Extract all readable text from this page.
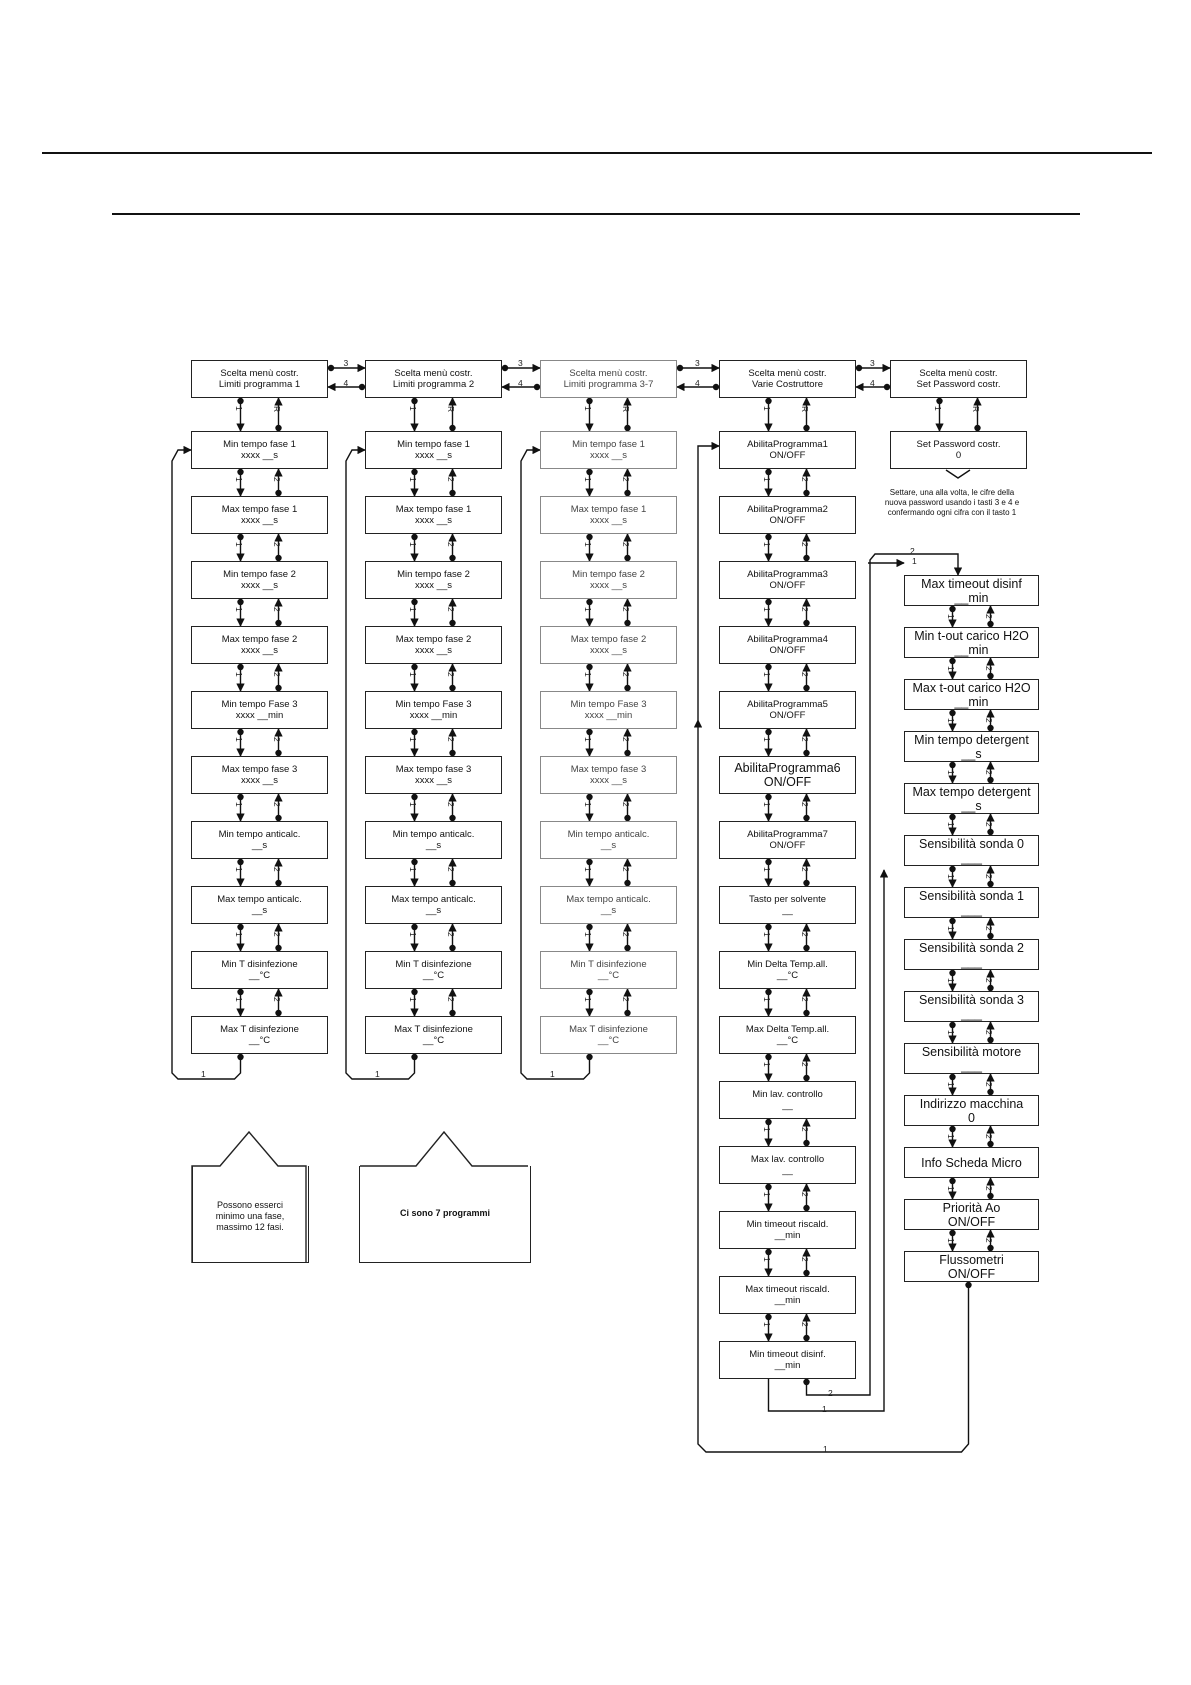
Scelta menù costr.
Limiti programma 1
Scelta menù costr.
Limiti programma 2
Scelta menù costr.
Limiti programma 3-7
Scelta menù costr.
Varie Costruttore
Scelta menù costr.
Set Password costr.
Min tempo fase 1
xxxx __s
Max tempo fase 1
xxxx __s
Min tempo fase 2
xxxx __s
Max tempo fase 2
xxxx __s
Min tempo Fase 3
xxxx __min
Max tempo fase 3
xxxx __s
Min tempo anticalc.
__s
Max tempo anticalc.
__s
Min T disinfezione
__°C
Max T disinfezione
__°C
Min tempo fase 1
xxxx __s
Max tempo fase 1
xxxx __s
Min tempo fase 2
xxxx __s
Max tempo fase 2
xxxx __s
Min tempo Fase 3
xxxx __min
Max tempo fase 3
xxxx __s
Min tempo anticalc.
__s
Max tempo anticalc.
__s
Min T disinfezione
__°C
Max T disinfezione
__°C
Min tempo fase 1
xxxx __s
Max tempo fase 1
xxxx __s
Min tempo fase 2
xxxx __s
Max tempo fase 2
xxxx __s
Min tempo Fase 3
xxxx __min
Max tempo fase 3
xxxx __s
Min tempo anticalc.
__s
Max tempo anticalc.
__s
Min T disinfezione
__°C
Max T disinfezione
__°C
AbilitaProgramma1
ON/OFF
AbilitaProgramma2
ON/OFF
AbilitaProgramma3
ON/OFF
AbilitaProgramma4
ON/OFF
AbilitaProgramma5
ON/OFF
AbilitaProgramma6
ON/OFF
AbilitaProgramma7
ON/OFF
Tasto per solvente
__
Min Delta Temp.all.
__°C
Max Delta Temp.all.
__°C
Min lav. controllo
__
Max lav. controllo
__
Min timeout riscald.
__min
Max timeout riscald.
__min
Min timeout disinf.
__min
Set Password costr.
0
Max timeout disinf
__min
Min t-out carico H2O
__min
Max t-out carico H2O
__min
Min tempo detergent
__s
Max tempo detergent
__s
Sensibilità sonda 0
___
Sensibilità sonda 1
___
Sensibilità sonda 2
___
Sensibilità sonda 3
___
Sensibilità motore
___
Indirizzo macchina
0
Info Scheda Micro
Priorità Ao
ON/OFF
Flussometri
ON/OFF
3
4
3
4
3
4
3
4
1	R
1	2
1	2
1	2
1	2
1	2
1	2
1	2
1	2
1	2
1
1	R
1	2
1	2
1	2
1	2
1	2
1	2
1	2
1	2
1	2
1
1	R
1	2
1	2
1	2
1	2
1	2
1	2
1	2
1	2
1	2
1
1	R
1	2
1	2
1	2
1	2
1	2
1	2
1	2
1	2
1	2
1	2
1	2
1	2
1	2
1	2
1	R
1	2
1	2
1	2
1	2
1	2
1	2
1	2
1	2
1	2
1	2
1	2
1	2
1	2
2
2
1
1
1
Settare, una alla volta, le cifre della nuova password usando i tasti 3 e 4 e confermando ogni cifra con il tasto 1
Possono esserci minimo una fase, massimo 12 fasi.
Ci sono 7 programmi
